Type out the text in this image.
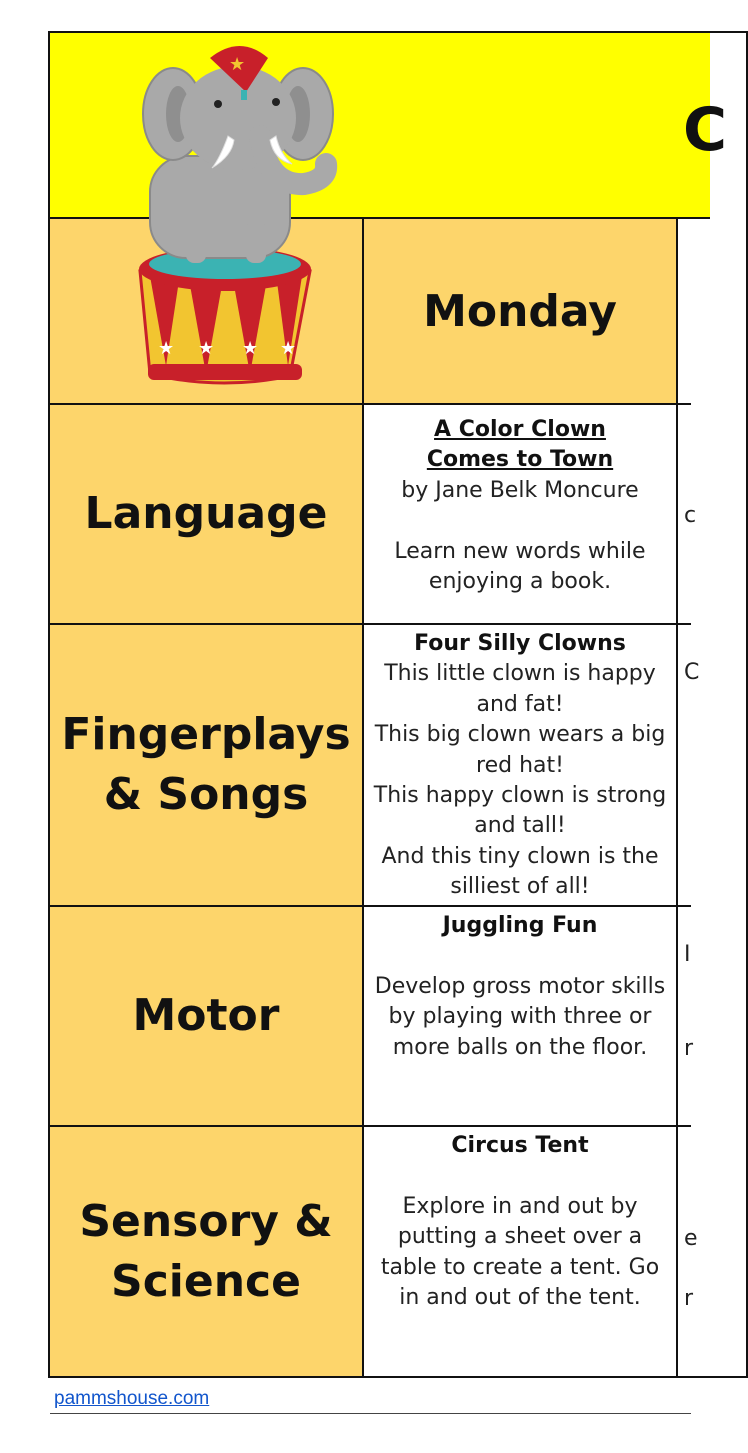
C
Monday
Language
A Color Clown
Comes to Town
by Jane Belk Moncure
Learn new words while
enjoying a book.
Fingerplays
& Songs
Four Silly Clowns
This little clown is happy
and fat!
This big clown wears a big
red hat!
This happy clown is strong
and tall!
And this tiny clown is the
silliest of all!
Motor
Juggling Fun
Develop gross motor skills
by playing with three or
more balls on the floor.
Sensory &
Science
Circus Tent
Explore in and out by
putting a sheet over a
table to create a tent. Go
in and out of the tent.
c
C
I
r
e
r
★ ★ ★ ★
★
pammshouse.com
